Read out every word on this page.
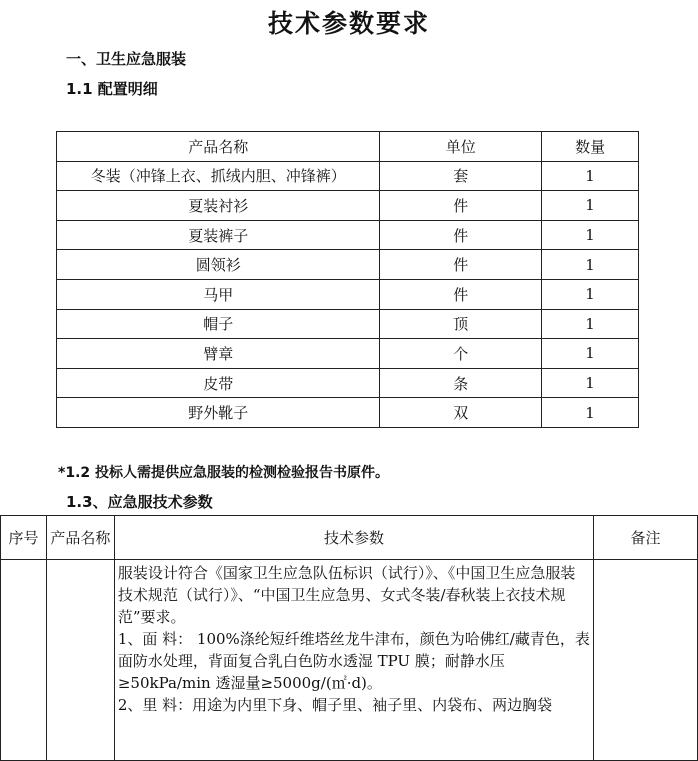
技术参数要求
一、卫生应急服装
1.1 配置明细
产品名称	单位	数量
冬装（冲锋上衣、抓绒内胆、冲锋裤）	套	1
夏装衬衫	件	1
夏装裤子	件	1
圆领衫	件	1
马甲	件	1
帽子	顶	1
臂章	个	1
皮带	条	1
野外靴子	双	1
*1.2 投标人需提供应急服装的检测检验报告书原件。
1.3、应急服技术参数
序号	产品名称	技术参数	备注

		服装设计符合《国家卫生应急队伍标识（试行）》、《中国卫生应急服装技术规范（试行）》、“中国卫生应急男、女式冬装/春秋装上衣技术规范”要求。
1、面 料： 100%涤纶短纤维塔丝龙牛津布，颜色为哈佛红/藏青色，表面防水处理，背面复合乳白色防水透湿 TPU 膜；耐静水压≥50kPa/min 透湿量≥5000g/(㎡·d)。
2、里 料：用途为内里下身、帽子里、袖子里、内袋布、两边胸袋	
